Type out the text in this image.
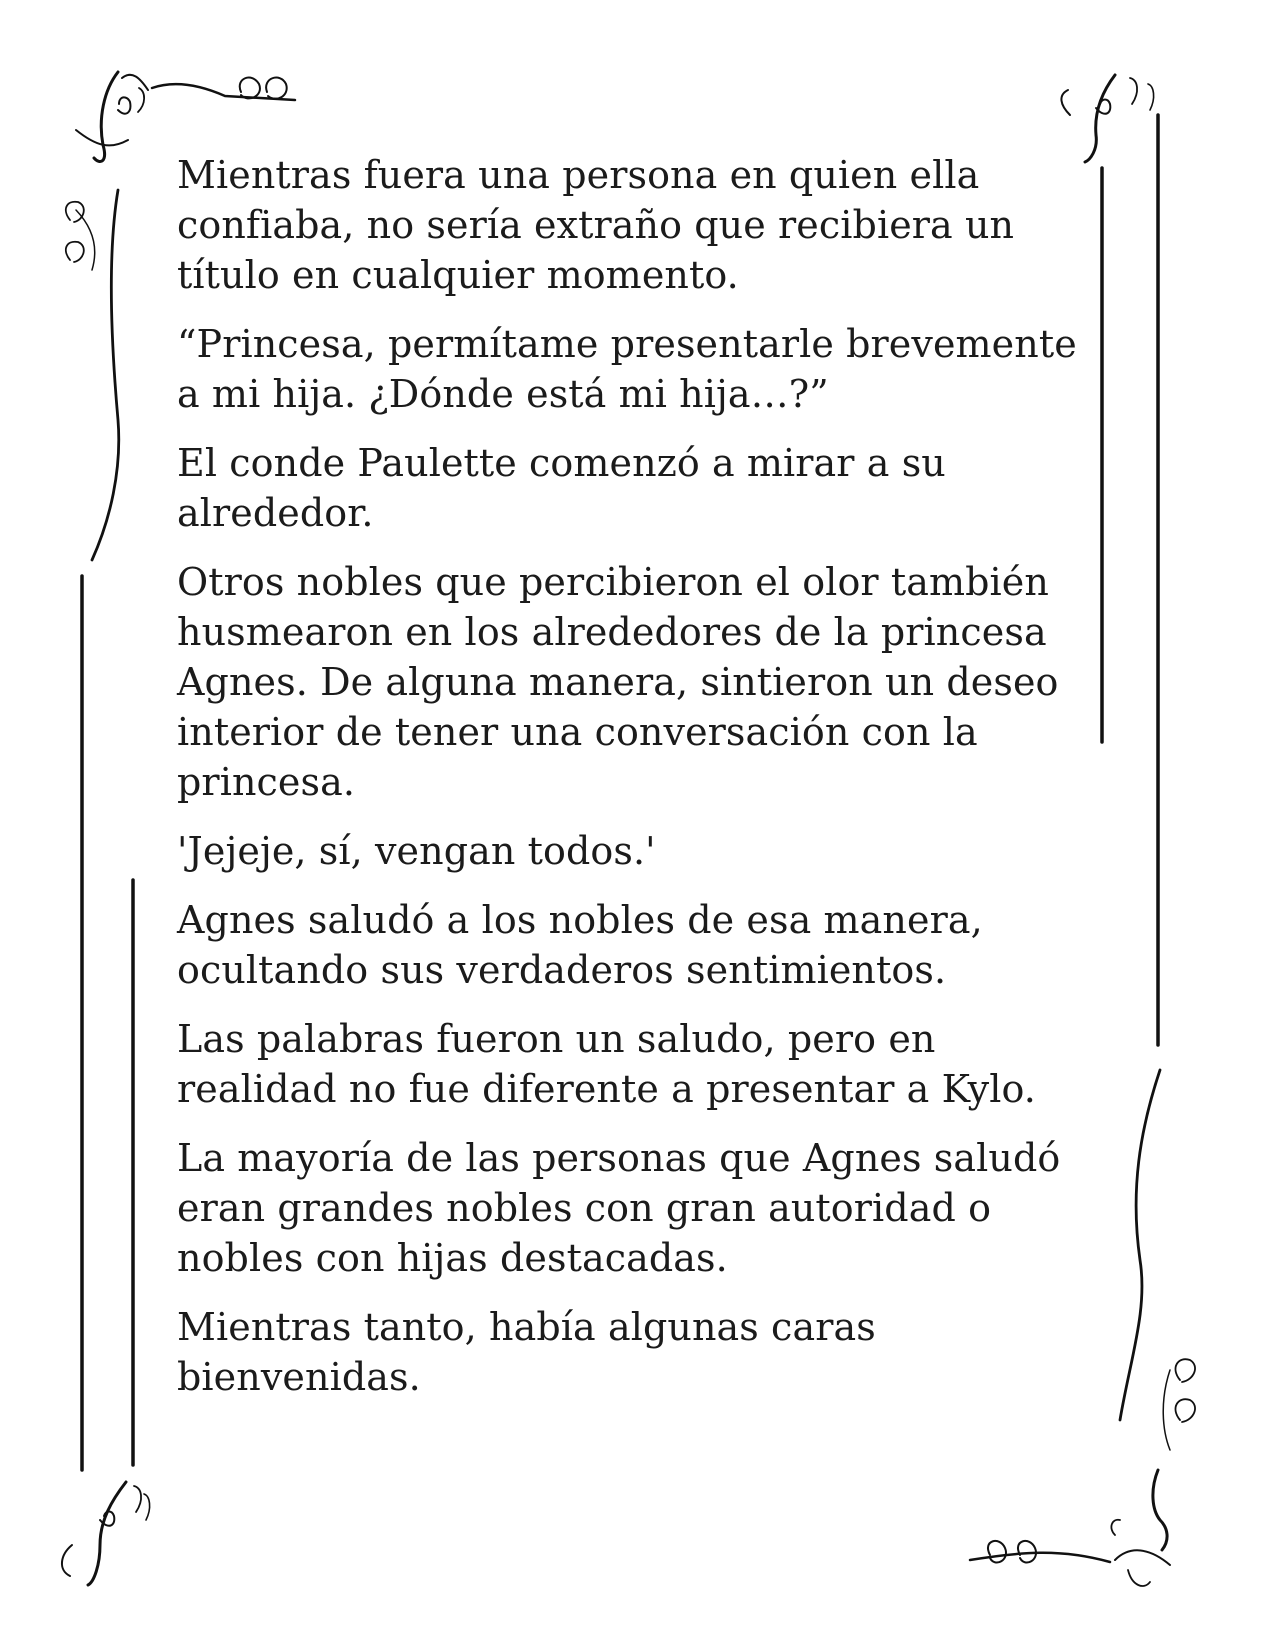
Mientras fuera una persona en quien ella confiaba, no sería extraño que recibiera un título en cualquier momento.

“Princesa, permítame presentarle brevemente a mi hija. ¿Dónde está mi hija…?”

El conde Paulette comenzó a mirar a su alrededor.

Otros nobles que percibieron el olor también husmearon en los alrededores de la princesa Agnes. De alguna manera, sintieron un deseo interior de tener una conversación con la princesa.

'Jejeje, sí, vengan todos.'

Agnes saludó a los nobles de esa manera, ocultando sus verdaderos sentimientos.

Las palabras fueron un saludo, pero en realidad no fue diferente a presentar a Kylo.

La mayoría de las personas que Agnes saludó eran grandes nobles con gran autoridad o nobles con hijas destacadas.

Mientras tanto, había algunas caras bienvenidas.
